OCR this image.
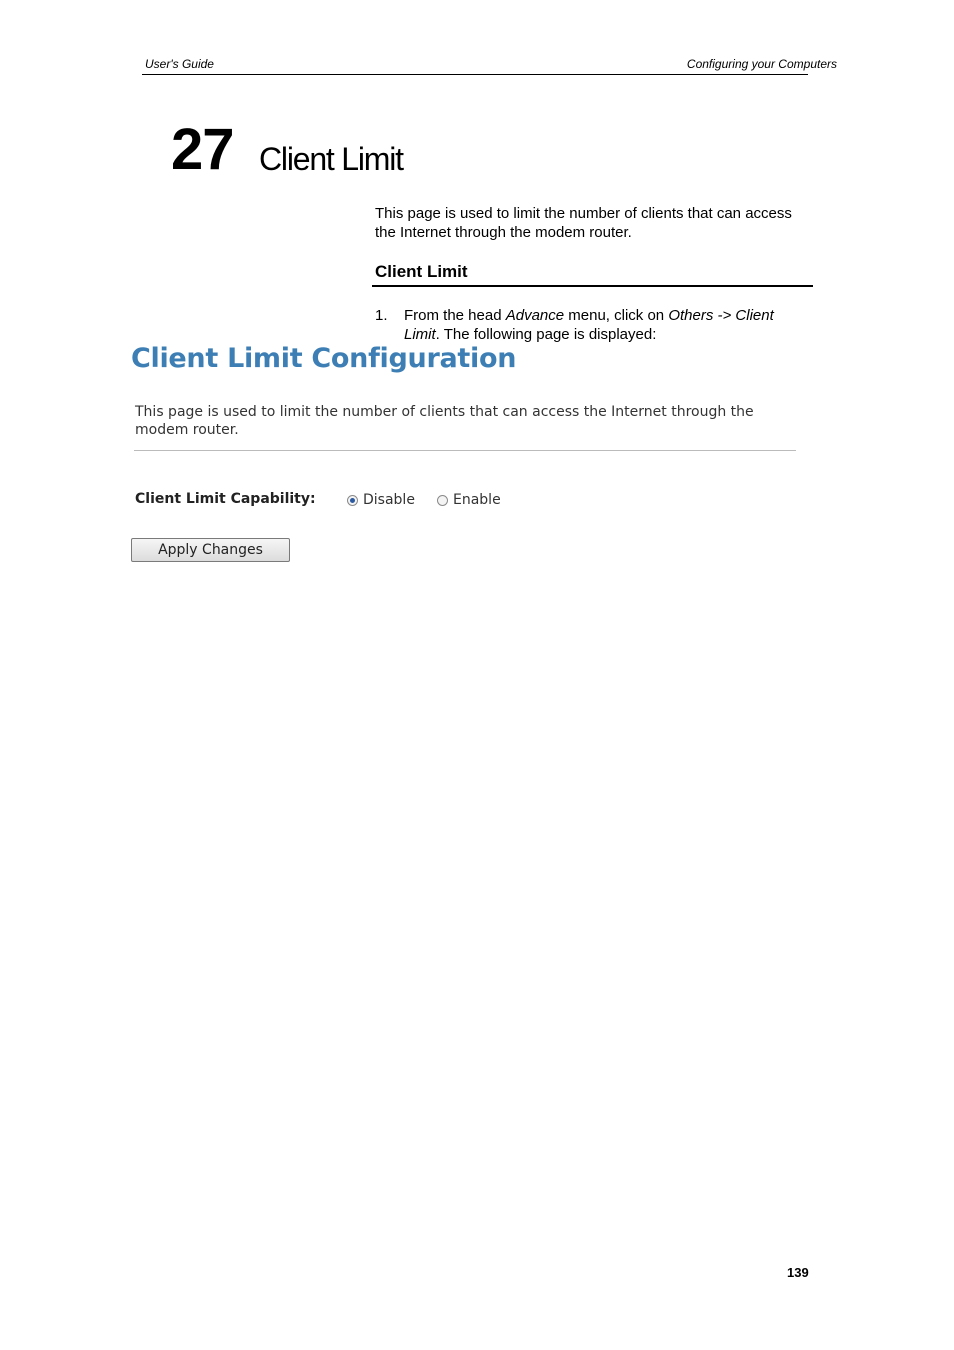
User's Guide	Configuring your Computers
27 Client Limit
This page is used to limit the number of clients that can access the Internet through the modem router.
Client Limit
1. From the head Advance menu, click on Others -> Client Limit. The following page is displayed:
Client Limit Configuration
This page is used to limit the number of clients that can access the Internet through the modem router.
Client Limit Capability:	Disable	Enable
Apply Changes
139
